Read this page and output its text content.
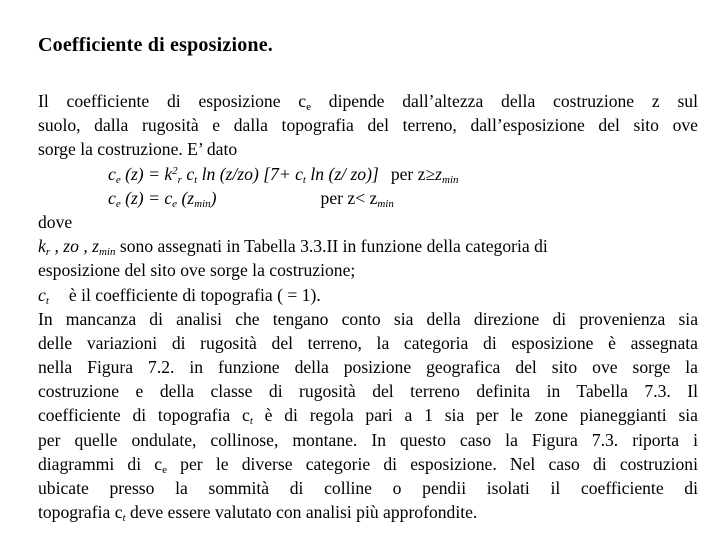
Coefficiente di esposizione.
Il coefficiente di esposizione $c_e$ dipende dall’altezza della costruzione z sul
suolo, dalla rugosità e dalla topografia del terreno, dall’esposizione del sito ove
sorge la costruzione. E’ dato
$c_e$ $(z) = k^2_r$ $c_t$ ln (z/zo) [$7+ c_t$ ln (z/ zo)] per $z\ge z_{min}$
$c_e$ $(z) = c_e$ $(z_{min})$	per $z< z_{min}$
dove
$k_r$ , zo , $z_{min}$ sono assegnati in Tabella 3.3.II in funzione della categoria di
esposizione del sito ove sorge la costruzione;
$c_t$ è il coefficiente di topografia ( = 1).
In mancanza di analisi che tengano conto sia della direzione di provenienza sia
delle variazioni di rugosità del terreno, la categoria di esposizione è assegnata
nella Figura 7.2. in funzione della posizione geografica del sito ove sorge la
costruzione e della classe di rugosità del terreno definita in Tabella 7.3. Il
coefficiente di topografia $c_t$ è di regola pari a 1 sia per le zone pianeggianti sia
per quelle ondulate, collinose, montane. In questo caso la Figura 7.3. riporta i
diagrammi di $c_e$ per le diverse categorie di esposizione. Nel caso di costruzioni
ubicate presso la sommità di colline o pendii isolati il coefficiente di
topografia $c_t$ deve essere valutato con analisi più approfondite.
